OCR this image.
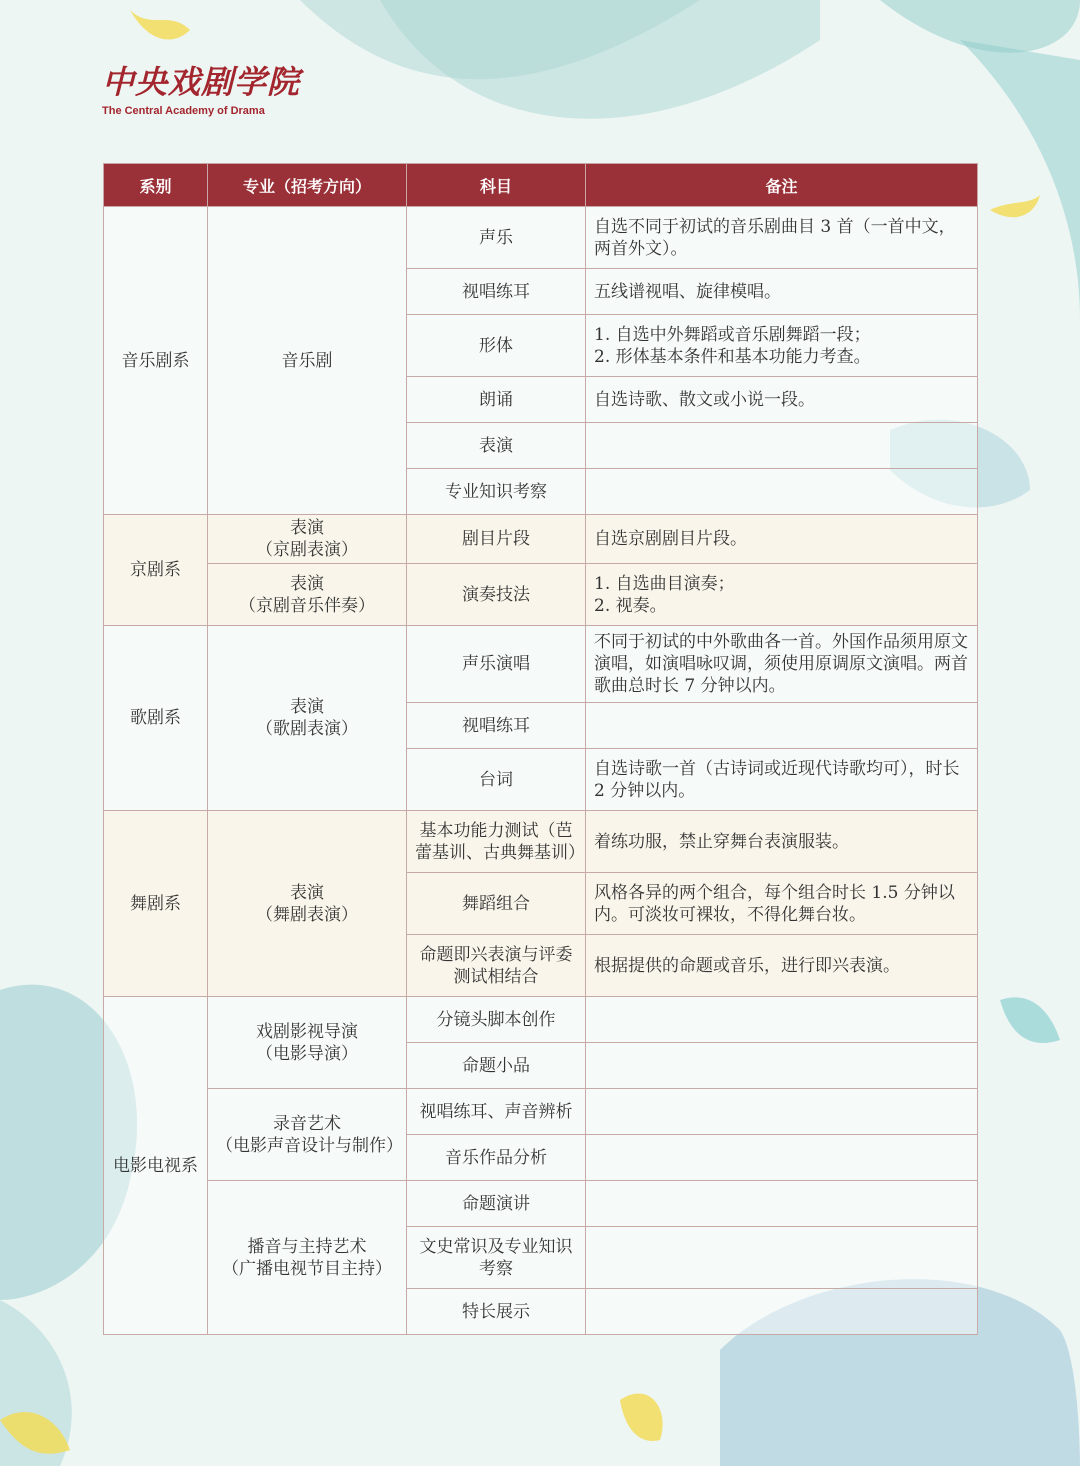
中央戏剧学院
The Central Academy of Drama
系别	专业（招考方向）	科目	备注
音乐剧系	音乐剧	声乐	自选不同于初试的音乐剧曲目 3 首（一首中文，两首外文）。
		视唱练耳	五线谱视唱、旋律模唱。
		形体	1. 自选中外舞蹈或音乐剧舞蹈一段；
2. 形体基本条件和基本功能力考查。
		朗诵	自选诗歌、散文或小说一段。
		表演	
		专业知识考察	
京剧系	表演
（京剧表演）	剧目片段	自选京剧剧目片段。
	表演
（京剧音乐伴奏）	演奏技法	1. 自选曲目演奏；
2. 视奏。
歌剧系	表演
（歌剧表演）	声乐演唱	不同于初试的中外歌曲各一首。外国作品须用原文演唱，如演唱咏叹调，须使用原调原文演唱。两首歌曲总时长 7 分钟以内。
		视唱练耳	
		台词	自选诗歌一首（古诗词或近现代诗歌均可），时长 2 分钟以内。
舞剧系	表演
（舞剧表演）	基本功能力测试（芭蕾基训、古典舞基训）	着练功服，禁止穿舞台表演服装。
		舞蹈组合	风格各异的两个组合，每个组合时长 1.5 分钟以内。可淡妆可裸妆，不得化舞台妆。
		命题即兴表演与评委测试相结合	根据提供的命题或音乐，进行即兴表演。
电影电视系	戏剧影视导演
（电影导演）	分镜头脚本创作	
		命题小品	
	录音艺术
（电影声音设计与制作）	视唱练耳、声音辨析	
		音乐作品分析	
	播音与主持艺术
（广播电视节目主持）	命题演讲	
		文史常识及专业知识考察	
		特长展示	
